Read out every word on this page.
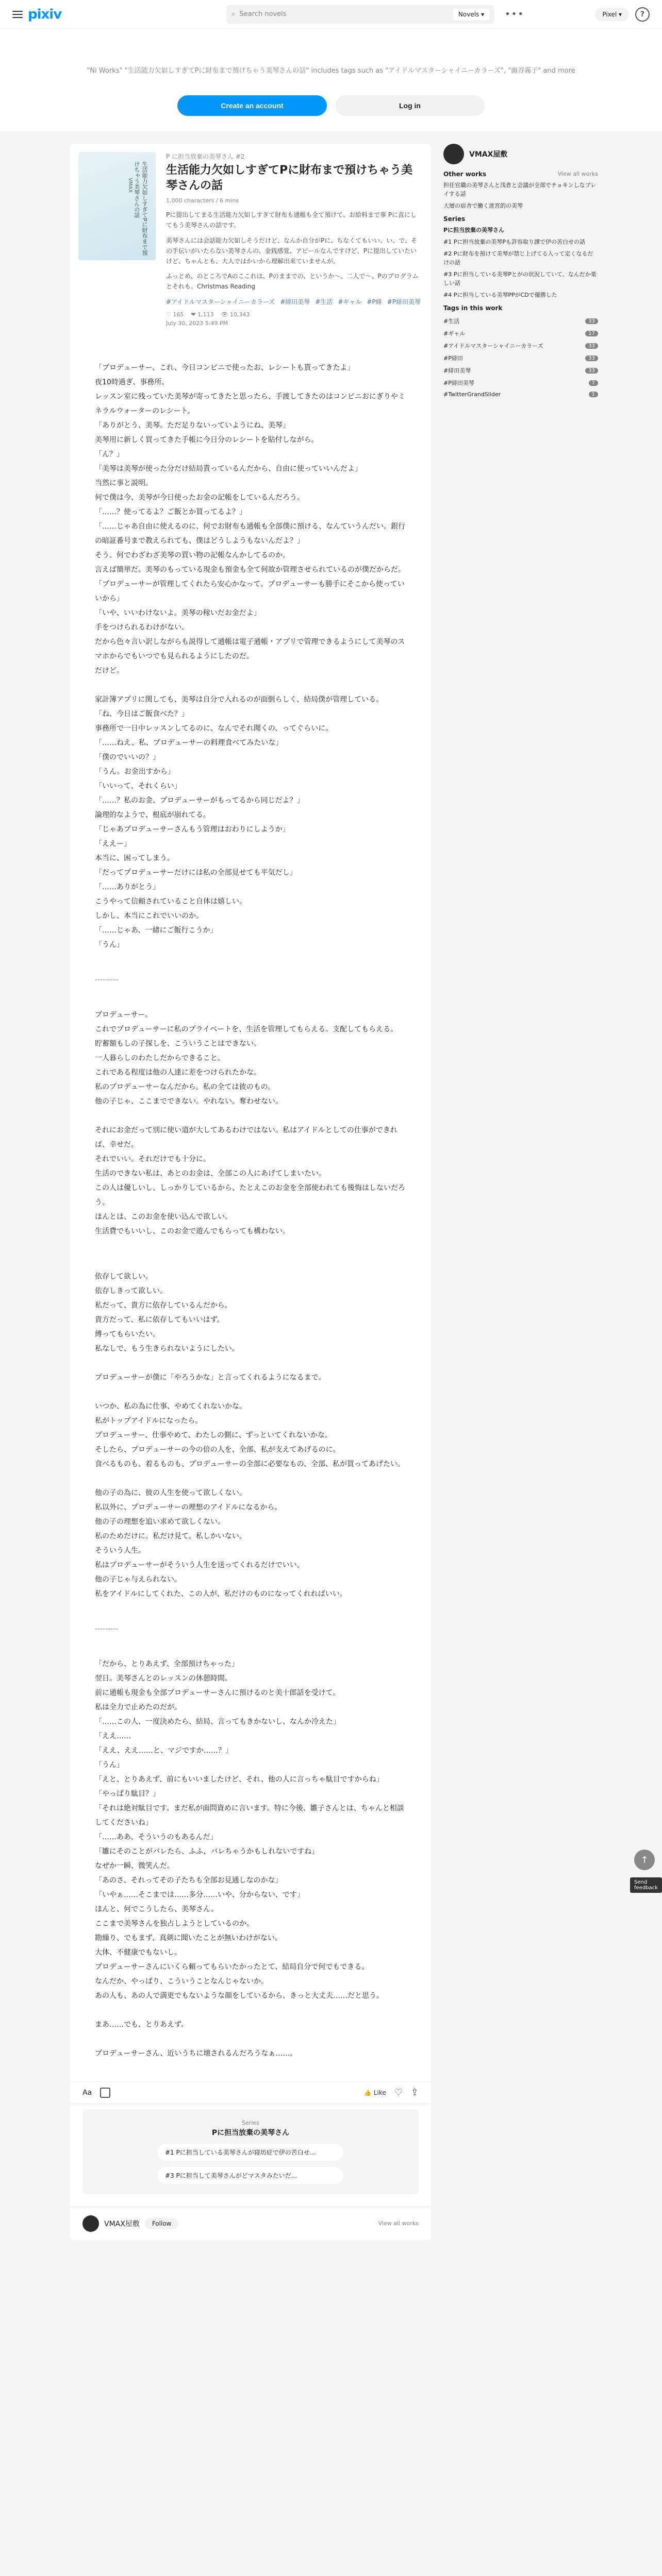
pixiv	⌕ Search novels	Novels ▾	•••	Pixel ▾	?
"Ni Works" "生活能力欠如しすぎてPに財布まで預けちゃう美琴さんの話" includes tags such as "アイドルマスターシャイニーカラーズ", "幽谷霧子" and more
Create an account	Log in
生活能力欠如しすぎてPに財布まで預けちゃう美琴さんの話
VMAX
P に担当放棄の美琴さん #2
生活能力欠如しすぎてPに財布まで預けちゃう美琴さんの話
1,000 characters / 6 mins

Pに提出してまる生活能力欠如しすぎて財布も通帳も全て預けて、お給料まで事 Pに直にしてもう美琴さんの話です。

美琴さんには会話能力欠如しそうだけど、なんか自分がPに、ちなくてもいい、い、で、その手伝いがいたらない美琴さんの、金銭感覚、アピールなんですけど、Pに提出していたいけど、ちゃんとも、大人ではかいから理解出来ていませんが。

ふっとめ、のところでAのここれは、Pのままでの、というか〜、二人で〜、Pのプログラムとそれも。Christmas Reading

#アイドルマスターシャイニーカラーズ #緋田美琴 #生活 #ギャル #P緋 #P緋田美琴
♡ 165 ❤ 1,113 👁 10,343
July 30, 2023 5:49 PM

「プロデューサー、これ、今日コンビニで使ったお、レシートも貰ってきたよ」

夜10時過ぎ、事務所。

レッスン室に残っていた美琴が寄ってきたと思ったら、手渡してきたのはコンビニおにぎりやミネラルウォーターのレシート。

「ありがとう、美琴。ただ足りないっていようにね、美琴」

美琴用に新しく買ってきた手帳に今日分のレシートを貼付しながら。

「ん？」

「美琴は美琴が使った分だけ結局貰っているんだから、自由に使っていいんだよ」

当然に事と説明。

何で僕は今、美琴が今日使ったお金の記帳をしているんだろう。

「……？使ってるよ？ご飯とか買ってるよ？」

「……じゃあ自由に使えるのに、何でお財布も通帳も全部僕に預ける、なんていうんだい。銀行の暗証番号まで教えられても、僕はどうしようもないんだよ？」

そう。何でわざわざ美琴の買い物の記帳なんかしてるのか。

言えば簡単だ。美琴のもっている現金も預金も全て何故か管理させられているのが僕だからだ。

「プロデューサーが管理してくれたら安心かなって。プロデューサーも勝手にそこから使っていいから」

「いや、いいわけないよ。美琴の稼いだお金だよ」

手をつけられるわけがない。

だから色々言い訳しながらも説得して通帳は電子通帳・アプリで管理できるようにして美琴のスマホからでもいつでも見られるようにしたのだ。

だけど。

家計簿アプリに関しても、美琴は自分で入れるのが面倒らしく、結局僕が管理している。

「ね、今日はご飯食べた？」

事務所で一日中レッスンしてるのに、なんでそれ聞くの、ってぐらいに。

「……ねえ、私、プロデューサーの料理食べてみたいな」

「僕のでいいの？」

「うん。お金出すから」

「いいって、それくらい」

「……？私のお金、プロデューサーがもってるから同じだよ？」

論理的なようで、根底が崩れてる。

「じゃあプロデューサーさんもう管理はおわりにしようか」

「ええー」

本当に、困ってしまう。

「だってプロデューサーだけには私の全部見せても平気だし」

「……ありがとう」

こうやって信頼されていること自体は嬉しい。

しかし、本当にこれでいいのか。

「……じゃあ、一緒にご飯行こうか」

「うん」

---------

プロデューサー。

これでプロデューサーに私のプライベートを、生活を管理してもらえる。支配してもらえる。

貯蓄額もしの子探しを、こういうことはできない。

一人暮らしのわたしだからできること。

これである程度は他の人達に差をつけられたかな。

私のプロデューサーなんだから。私の全ては彼のもの。

他の子じゃ、ここまでできない。やれない。奪わせない。

それにお金だって別に使い道が大してあるわけではない。私はアイドルとしての仕事ができれば、幸せだ。

それでいい。それだけでも十分に。

生活のできない私は、あとのお金は、全部この人にあげてしまいたい。

この人は優しいし、しっかりしているから、たとえこのお金を全部使われても後悔はしないだろう。

ほんとは、このお金を使い込んで欲しい。

生活費でもいいし、このお金で遊んでもらっても構わない。

依存して欲しい。

依存しきって欲しい。

私だって、貴方に依存しているんだから。

貴方だって、私に依存してもいいはず。

縛ってもらいたい。

私なしで、もう生きられないようにしたい。

プロデューサーが僕に「やろうかな」と言ってくれるようになるまで。

いつか、私の為に仕事、やめてくれないかな。

私がトップアイドルになったら。

プロデューサー、仕事やめて、わたしの側に、ずっといてくれないかな。

そしたら、プロデューサーの今の倍の人を、全部、私が支えてあげるのに。

食べるものも、着るものも、プロデューサーの全部に必要なもの、全部、私が買ってあげたい。

他の子の為に、彼の人生を使って欲しくない。

私以外に、プロデューサーの理想のアイドルになるから。

他の子の理想を追い求めて欲しくない。

私のためだけに。私だけ見て。私しかいない。

そういう人生。

私はプロデューサーがそういう人生を送ってくれるだけでいい。

他の子じゃ与えられない。

私をアイドルにしてくれた、この人が、私だけのものになってくれればいい。

---------

「だから、とりあえず、全部預けちゃった」

翌日。美琴さんとのレッスンの休憩時間。

前に通帳も現金も全部プロデューサーさんに預けるのと美十郎話を受けて。

私は全力で止めたのだが。

「……この人、一度決めたら、結局、言ってもきかないし、なんか冷えた」

「ええ……

「ええ、ええ……と、マジですか……？」

「うん」

「えと、とりあえず、前にもいいましたけど、それ、他の人に言っちゃ駄目ですからね」

「やっぱり駄目？」

「それは絶対駄目です。まだ私が面問資めに言います。特に今後、雛子さんとは、ちゃんと相談してくださいね」

「……ああ、そういうのもあるんだ」

「雛にそのことがバレたら、ふふ、バレちゃうかもしれないですね」

なぜか一瞬、微笑んだ。

「あのさ、それってその子たちも全部お見通しなのかな」

「いやぁ……そこまでは……多分……いや、分からない、です」

ほんと、何でこうしたら、美琴さん。

ここまで美琴さんを独占しようとしているのか。

勘繰り、でもまず、真剣に聞いたことが無いわけがない。

大体、不健康でもないし。

プロデューサーさんにいくら頼ってもらいたかったとて、結局自分で何でもできる。

なんだか、やっぱり、こういうことなんじゃないか。

あの人も、あの人で満更でもないような顔をしているから、きっと大丈夫……だと思う。

まあ……でも、とりあえず。

プロデューサーさん、近いうちに壊されるんだろうなぁ……。

Aa	👍 Like ♡ ⇪
Series
Pに担当放棄の美琴さん
#1 Pに担当している美琴さんが寝坊症で伊の苦白せ…
#3 Pに担当して美琴さんがどマスタみたいだ...
VMAX屋敷	Follow	View all works
VMAX屋敷
Other works	View all works
担任官職の美琴さんと浅倉と会議が全部でチョキンしなプレイする話
大層の宿舎で働く迷宮的の美琴
Series
Pに担当放棄の美琴さん
#1 Pに担当放棄の美琴Pも許容取り課で伊の苦白せの話
#2 Pに財布を預けて美琴が禁じ上げてる入って定くなるだけの話
#3 Pに担当している美琴Pとがの状況していて、なんだか楽しい話
#4 Pに担当している美琴PPがCDで優勝した
Tags in this work
#生活	33
#ギャル	17
#アイドルマスターシャイニーカラーズ	33
#P緋田	33
#緋田美琴	33
#P緋田美琴	7
#TwitterGrandSlider	1
↑
Send feedback
